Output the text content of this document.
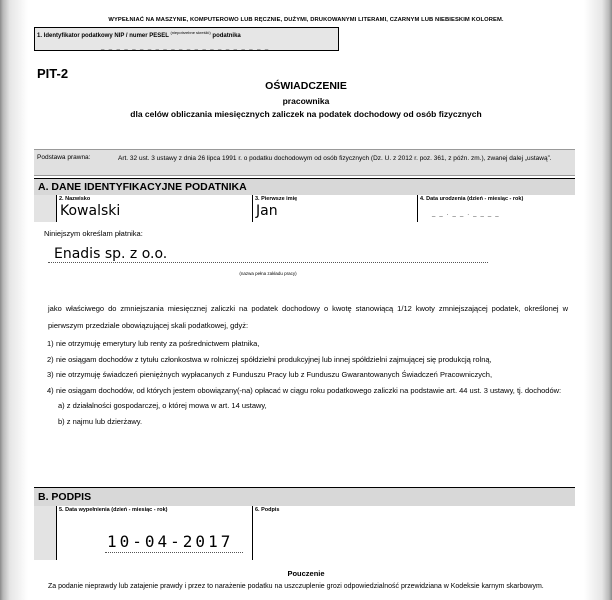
WYPEŁNIAĆ NA MASZYNIE, KOMPUTEROWO LUB RĘCZNIE, DUŻYMI, DRUKOWANYMI LITERAMI, CZARNYM LUB NIEBIESKIM KOLOREM.
1. Identyfikator podatkowy NIP / numer PESEL $^{(niepotrzebne skreślić)}$ podatnika
_ _ _ _ _ _ _ _ _ _ _ _ _ _ _ _ _ _ _ _ _ _
PIT-2
OŚWIADCZENIE
pracownika
dla celów obliczania miesięcznych zaliczek na podatek dochodowy od osób fizycznych
Podstawa prawna:	Art. 32 ust. 3 ustawy z dnia 26 lipca 1991 r. o podatku dochodowym od osób fizycznych (Dz. U. z 2012 r. poz. 361, z późn. zm.), zwanej dalej „ustawą”.
A. DANE IDENTYFIKACYJNE PODATNIKA
2. Nazwisko
Kowalski
3. Pierwsze imię
Jan
4. Data urodzenia (dzień - miesiąc - rok)
_ _ . _ _ . _ _ _ _
Niniejszym określam płatnika:
Enadis sp. z o.o.
(nazwa pełna zakładu pracy)
jako właściwego do zmniejszania miesięcznej zaliczki na podatek dochodowy o kwotę stanowiącą 1/12 kwoty zmniejszającej podatek, określonej w pierwszym przedziale obowiązującej skali podatkowej, gdyż:
1) nie otrzymuję emerytury lub renty za pośrednictwem płatnika,
2) nie osiągam dochodów z tytułu członkostwa w rolniczej spółdzielni produkcyjnej lub innej spółdzielni zajmującej się produkcją rolną,
3) nie otrzymuję świadczeń pieniężnych wypłacanych z Funduszu Pracy lub z Funduszu Gwarantowanych Świadczeń Pracowniczych,
4) nie osiągam dochodów, od których jestem obowiązany(-na) opłacać w ciągu roku podatkowego zaliczki na podstawie art. 44 ust. 3 ustawy, tj. dochodów:
a) z działalności gospodarczej, o której mowa w art. 14 ustawy,
b) z najmu lub dzierżawy.
B. PODPIS
5. Data wypełnienia (dzień - miesiąc - rok)
10-04-2017
6. Podpis
Pouczenie
Za podanie nieprawdy lub zatajenie prawdy i przez to narażenie podatku na uszczuplenie grozi odpowiedzialność przewidziana w Kodeksie karnym skarbowym.
